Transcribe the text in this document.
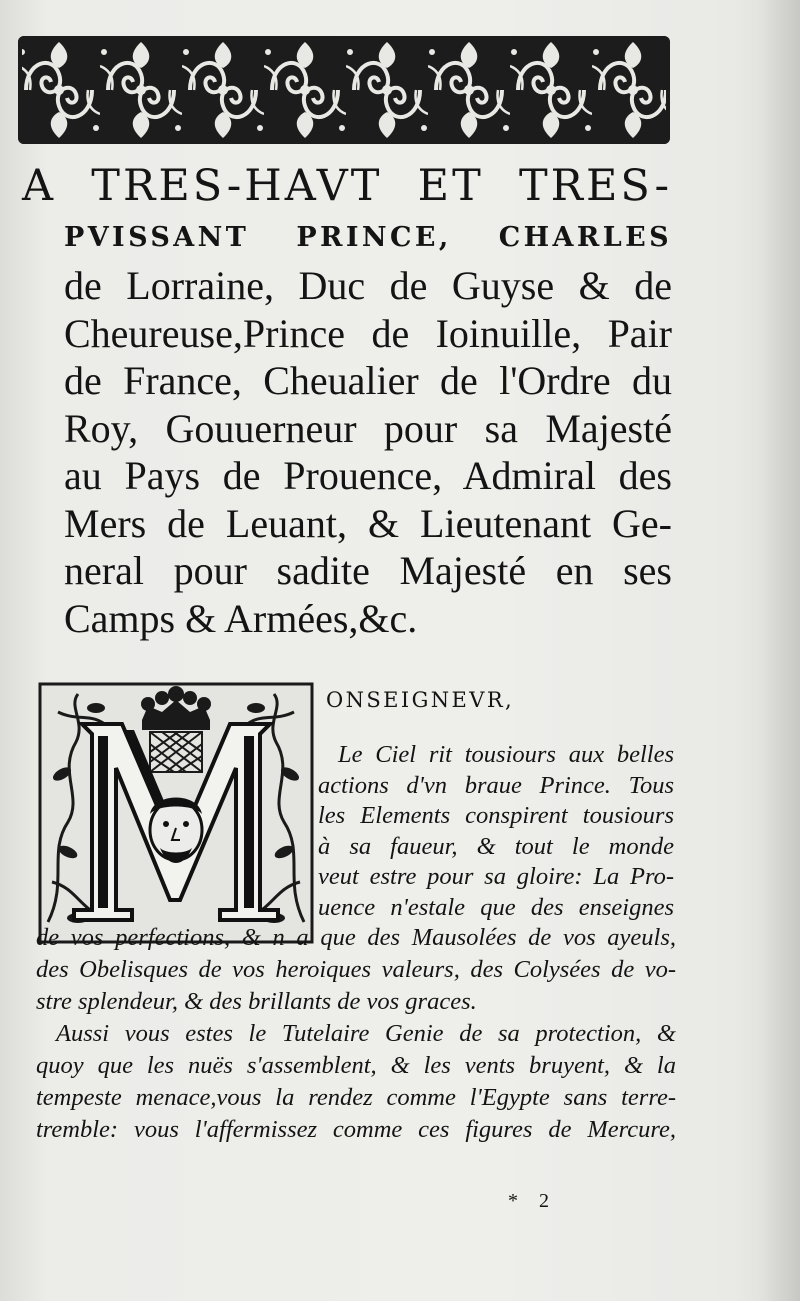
A TRES-HAVT ET TRES-
PVISSANT PRINCE, CHARLES
de Lorraine, Duc de Guyse & de
Cheureuse,Prince de Ioinuille, Pair
de France, Cheualier de l'Ordre du
Roy, Gouuerneur pour sa Majesté
au Pays de Prouence, Admiral des
Mers de Leuant, & Lieutenant Ge-
neral pour sadite Majesté en ses
Camps & Armées,&c.
ONSEIGNEVR,
Le Ciel rit tousiours aux belles
actions d'vn braue Prince. Tous
les Elements conspirent tousiours
à sa faueur, & tout le monde
veut estre pour sa gloire: La Pro-
uence n'estale que des enseignes
de vos perfections, & n a que des Mausolées de vos ayeuls,
des Obelisques de vos heroiques valeurs, des Colysées de vo-
stre splendeur, & des brillants de vos graces.
Aussi vous estes le Tutelaire Genie de sa protection, &
quoy que les nuës s'assemblent, & les vents bruyent, & la
tempeste menace,vous la rendez comme l'Egypte sans terre-
tremble: vous l'affermissez comme ces figures de Mercure,
* 2
